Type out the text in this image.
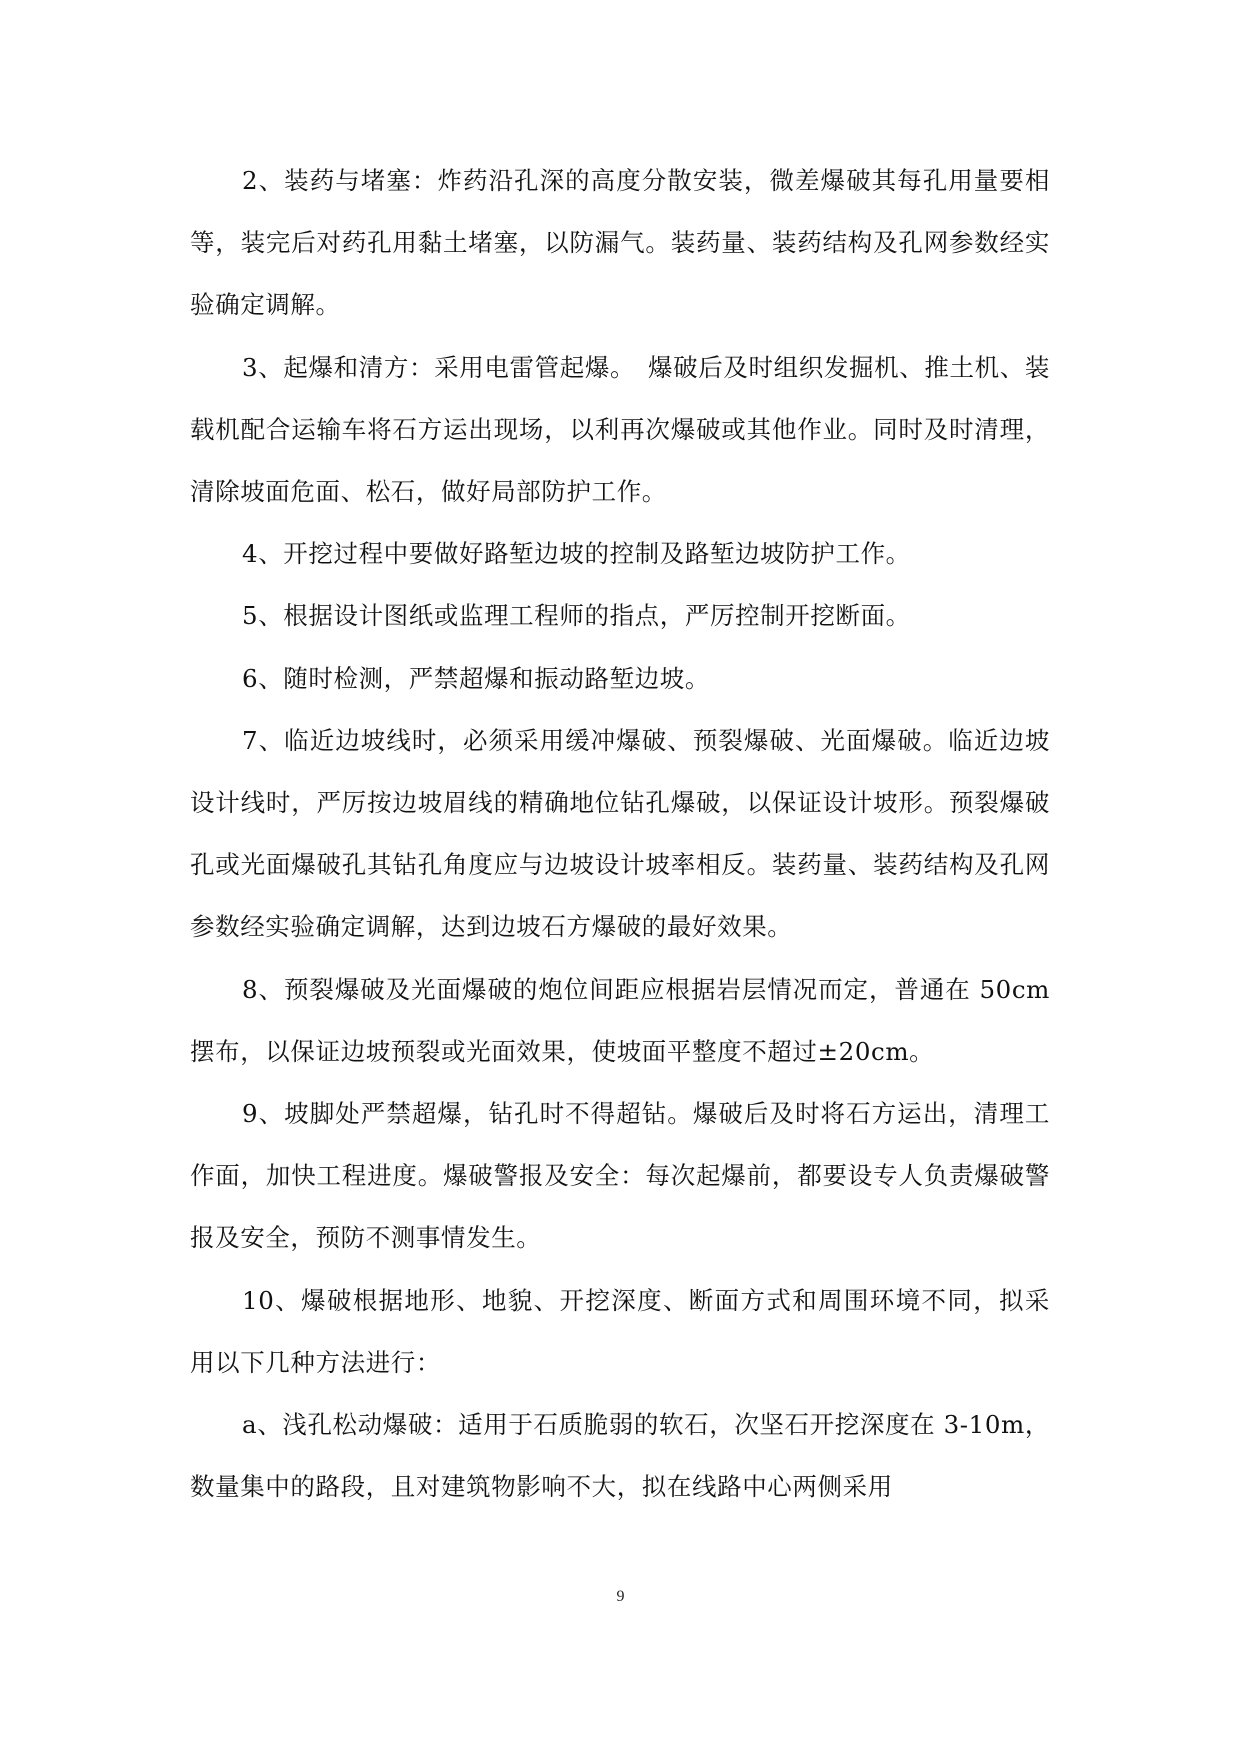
2、装药与堵塞：炸药沿孔深的高度分散安装，微差爆破其每孔用量要相等，装完后对药孔用黏土堵塞，以防漏气。装药量、装药结构及孔网参数经实验确定调解。

3、起爆和清方：采用电雷管起爆。　爆破后及时组织发掘机、推土机、装载机配合运输车将石方运出现场，以利再次爆破或其他作业。同时及时清理，清除坡面危面、松石，做好局部防护工作。

4、开挖过程中要做好路堑边坡的控制及路堑边坡防护工作。

5、根据设计图纸或监理工程师的指点，严厉控制开挖断面。

6、随时检测，严禁超爆和振动路堑边坡。

7、临近边坡线时，必须采用缓冲爆破、预裂爆破、光面爆破。临近边坡设计线时，严厉按边坡眉线的精确地位钻孔爆破，以保证设计坡形。预裂爆破孔或光面爆破孔其钻孔角度应与边坡设计坡率相反。装药量、装药结构及孔网参数经实验确定调解，达到边坡石方爆破的最好效果。

8、预裂爆破及光面爆破的炮位间距应根据岩层情况而定，普通在 50cm 摆布，以保证边坡预裂或光面效果，使坡面平整度不超过±20cm。

9、坡脚处严禁超爆，钻孔时不得超钻。爆破后及时将石方运出，清理工作面，加快工程进度。爆破警报及安全：每次起爆前，都要设专人负责爆破警报及安全，预防不测事情发生。

10、爆破根据地形、地貌、开挖深度、断面方式和周围环境不同，拟采用以下几种方法进行：

a、浅孔松动爆破：适用于石质脆弱的软石，次坚石开挖深度在 3-10m，数量集中的路段，且对建筑物影响不大，拟在线路中心两侧采用

9
